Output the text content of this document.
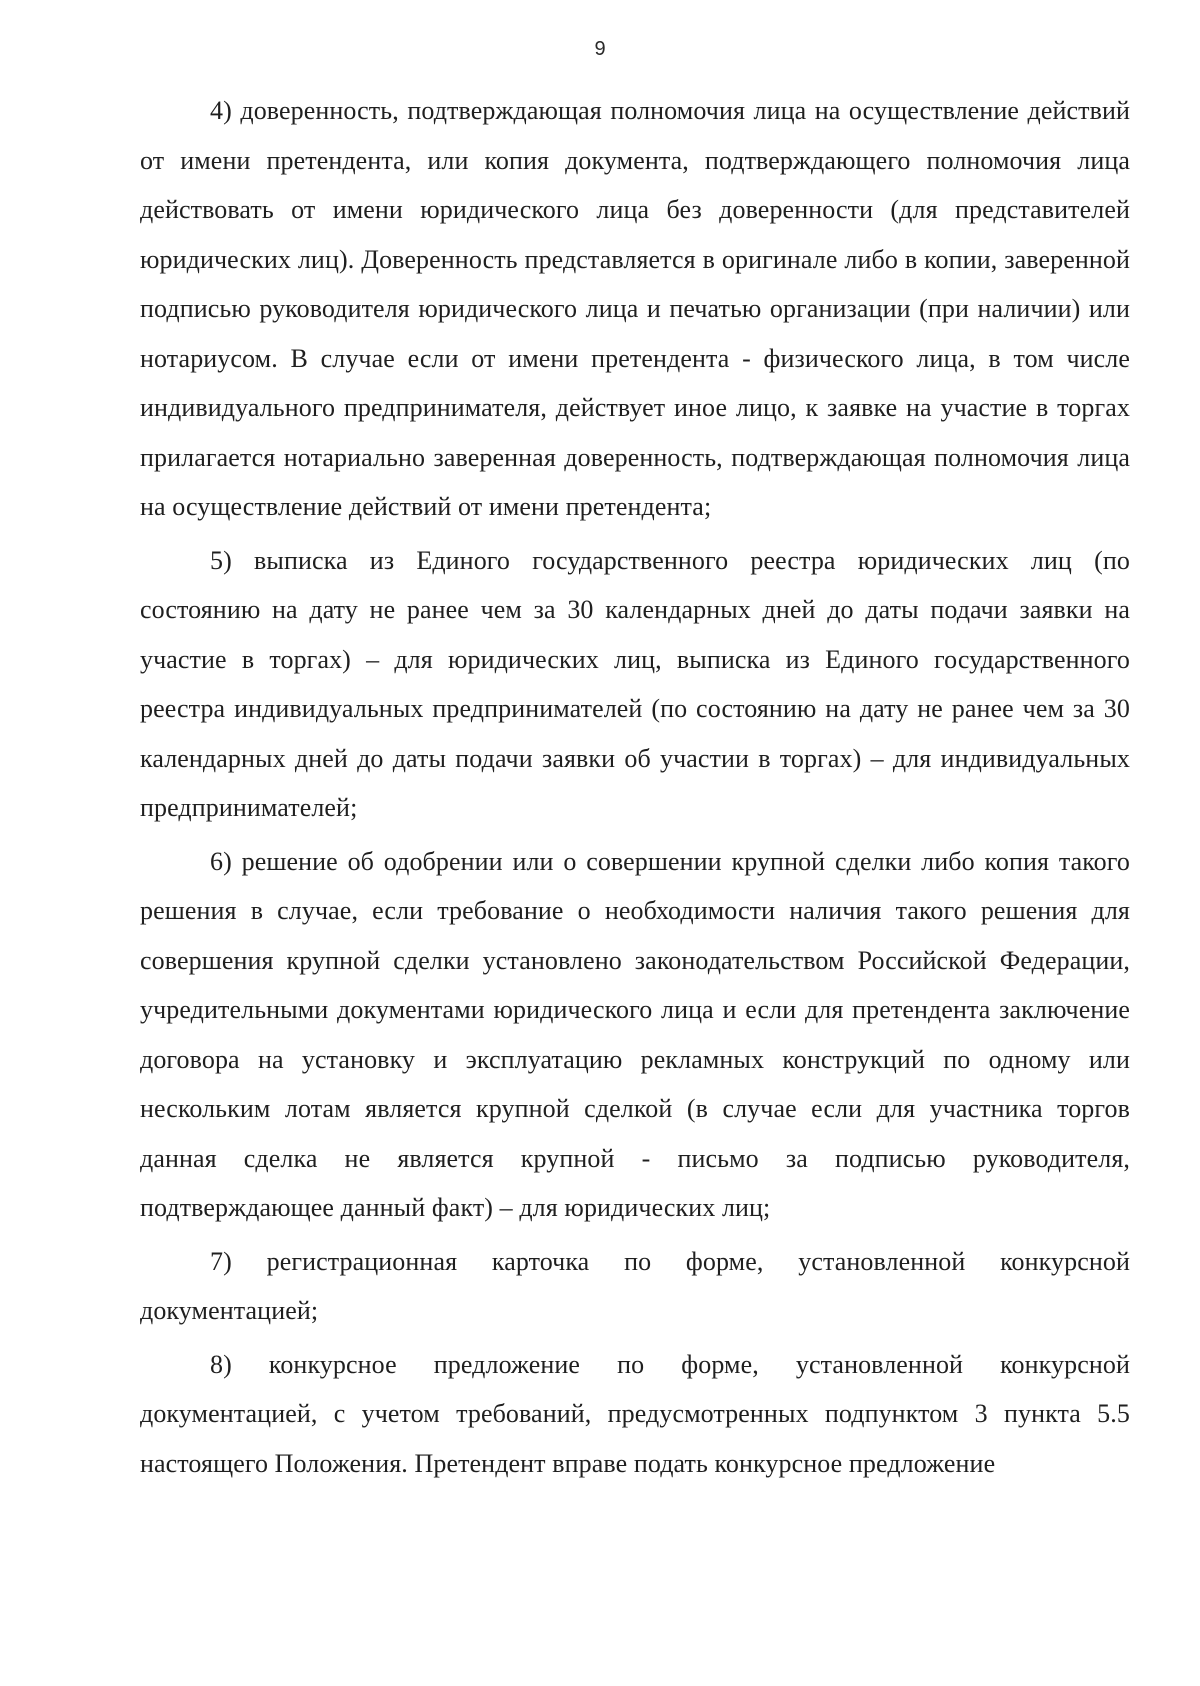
9

4) доверенность, подтверждающая полномочия лица на осуществление действий от имени претендента, или копия документа, подтверждающего полномочия лица действовать от имени юридического лица без доверенности (для представителей юридических лиц). Доверенность представляется в оригинале либо в копии, заверенной подписью руководителя юридического лица и печатью организации (при наличии) или нотариусом. В случае если от имени претендента - физического лица, в том числе индивидуального предпринимателя, действует иное лицо, к заявке на участие в торгах прилагается нотариально заверенная доверенность, подтверждающая полномочия лица на осуществление действий от имени претендента;

5) выписка из Единого государственного реестра юридических лиц (по состоянию на дату не ранее чем за 30 календарных дней до даты подачи заявки на участие в торгах) – для юридических лиц, выписка из Единого государственного реестра индивидуальных предпринимателей (по состоянию на дату не ранее чем за 30 календарных дней до даты подачи заявки об участии в торгах) – для индивидуальных предпринимателей;

6) решение об одобрении или о совершении крупной сделки либо копия такого решения в случае, если требование о необходимости наличия такого решения для совершения крупной сделки установлено законодательством Российской Федерации, учредительными документами юридического лица и если для претендента заключение договора на установку и эксплуатацию рекламных конструкций по одному или нескольким лотам является крупной сделкой (в случае если для участника торгов данная сделка не является крупной - письмо за подписью руководителя, подтверждающее данный факт) – для юридических лиц;

7) регистрационная карточка по форме, установленной конкурсной документацией;

8) конкурсное предложение по форме, установленной конкурсной документацией, с учетом требований, предусмотренных подпунктом 3 пункта 5.5 настоящего Положения. Претендент вправе подать конкурсное предложение
